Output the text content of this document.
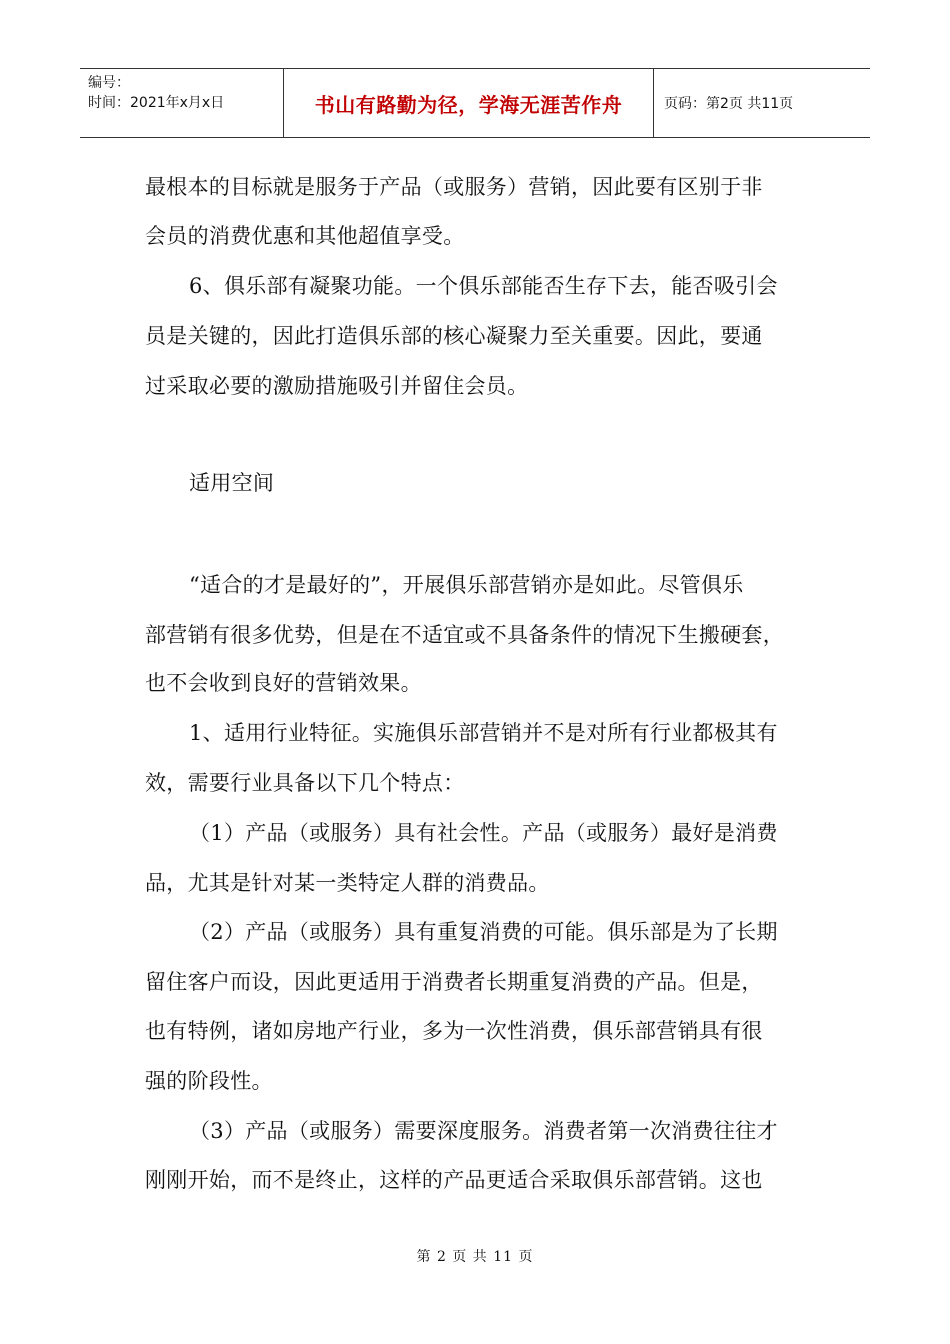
编号：
时间：2021年x月x日	书山有路勤为径，学海无涯苦作舟	页码：第2页 共11页
最根本的目标就是服务于产品（或服务）营销，因此要有区别于非
会员的消费优惠和其他超值享受。
6、俱乐部有凝聚功能。一个俱乐部能否生存下去，能否吸引会
员是关键的，因此打造俱乐部的核心凝聚力至关重要。因此，要通
过采取必要的激励措施吸引并留住会员。
适用空间
“适合的才是最好的”，开展俱乐部营销亦是如此。尽管俱乐
部营销有很多优势，但是在不适宜或不具备条件的情况下生搬硬套，
也不会收到良好的营销效果。
1、适用行业特征。实施俱乐部营销并不是对所有行业都极其有
效，需要行业具备以下几个特点：
（1）产品（或服务）具有社会性。产品（或服务）最好是消费
品，尤其是针对某一类特定人群的消费品。
（2）产品（或服务）具有重复消费的可能。俱乐部是为了长期
留住客户而设，因此更适用于消费者长期重复消费的产品。但是，
也有特例，诸如房地产行业，多为一次性消费，俱乐部营销具有很
强的阶段性。
（3）产品（或服务）需要深度服务。消费者第一次消费往往才
刚刚开始，而不是终止，这样的产品更适合采取俱乐部营销。这也
第 2 页 共 11 页
